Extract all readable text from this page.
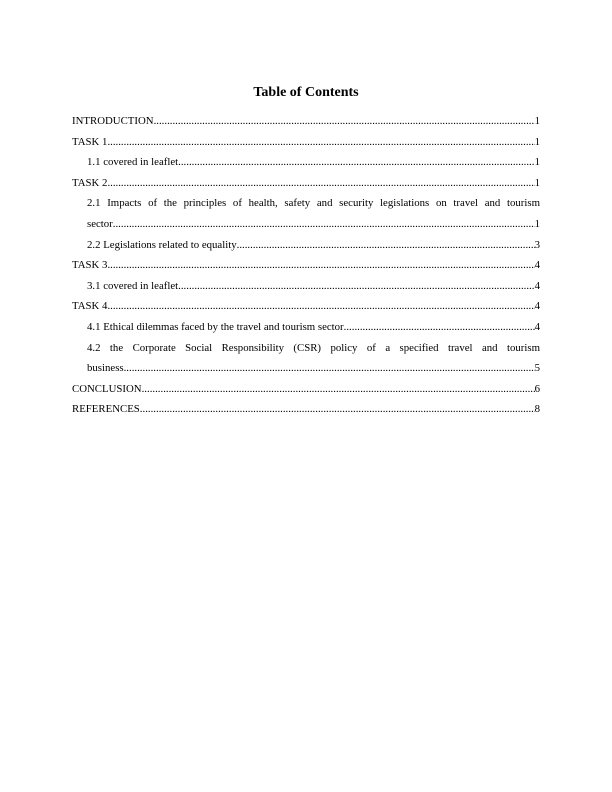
Table of Contents
INTRODUCTION .....	1
TASK 1 .....	1
1.1 covered in leaflet .....	1
TASK 2 .....	1
2.1 Impacts of the principles of health, safety and security legislations on travel and tourism
sector .....	1
2.2 Legislations related to equality .....	3
TASK 3 .....	4
3.1 covered in leaflet .....	4
TASK 4 .....	4
4.1 Ethical dilemmas faced by the travel and tourism sector .....	4
4.2 the Corporate Social Responsibility (CSR) policy of a specified travel and tourism
business .....	5
CONCLUSION .....	6
REFERENCES .....	8
